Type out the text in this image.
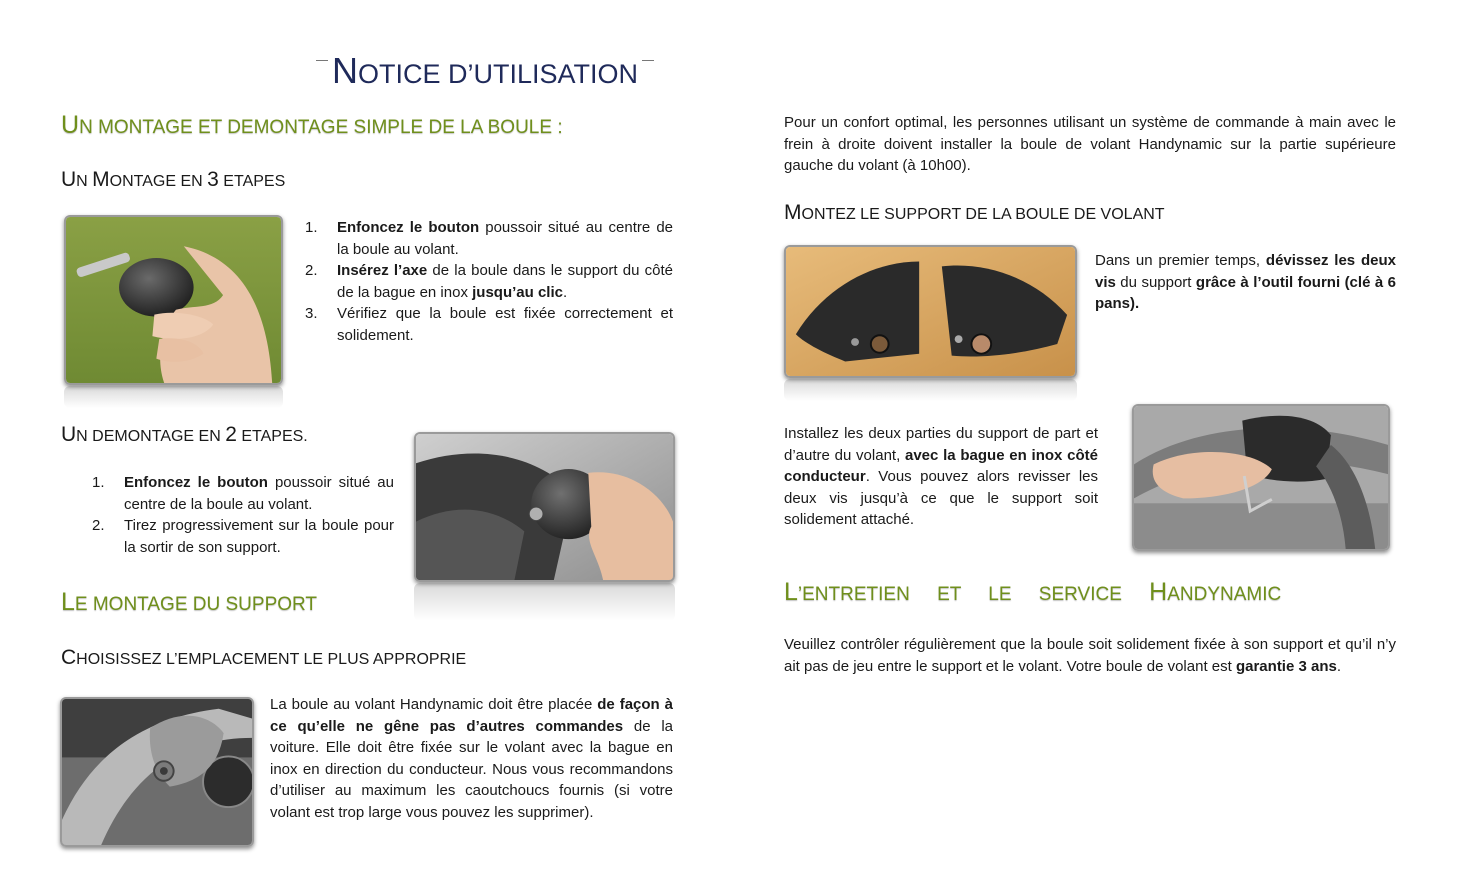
NOTICE D’UTILISATION
UN MONTAGE ET DEMONTAGE SIMPLE DE LA BOULE :
UN MONTAGE EN 3 ETAPES
1. Enfoncez le bouton poussoir situé au centre de la boule au volant.
2. Insérez l’axe de la boule dans le support du côté de la bague en inox jusqu’au clic.
3. Vérifiez que la boule est fixée correctement et solidement.
UN DEMONTAGE EN 2 ETAPES.
1. Enfoncez le bouton poussoir situé au centre de la boule au volant.
2. Tirez progressivement sur la boule pour la sortir de son support.
LE MONTAGE DU SUPPORT
CHOISISSEZ L’EMPLACEMENT LE PLUS APPROPRIE
La boule au volant Handynamic doit être placée de façon à ce qu’elle ne gêne pas d’autres commandes de la voiture. Elle doit être fixée sur le volant avec la bague en inox en direction du conducteur. Nous vous recommandons d’utiliser au maximum les caoutchoucs fournis (si votre volant est trop large vous pouvez les supprimer).
Pour un confort optimal, les personnes utilisant un système de commande à main avec le frein à droite doivent installer la boule de volant Handynamic sur la partie supérieure gauche du volant (à 10h00).
MONTEZ LE SUPPORT DE LA BOULE DE VOLANT
Dans un premier temps, dévissez les deux vis du support grâce à l’outil fourni (clé à 6 pans).
Installez les deux parties du support de part et d’autre du volant, avec la bague en inox côté conducteur. Vous pouvez alors revisser les deux vis jusqu’à ce que le support soit solidement attaché.
L’ENTRETIEN ET LE SERVICE HANDYNAMIC
Veuillez contrôler régulièrement que la boule soit solidement fixée à son support et qu’il n’y ait pas de jeu entre le support et le volant. Votre boule de volant est garantie 3 ans.
